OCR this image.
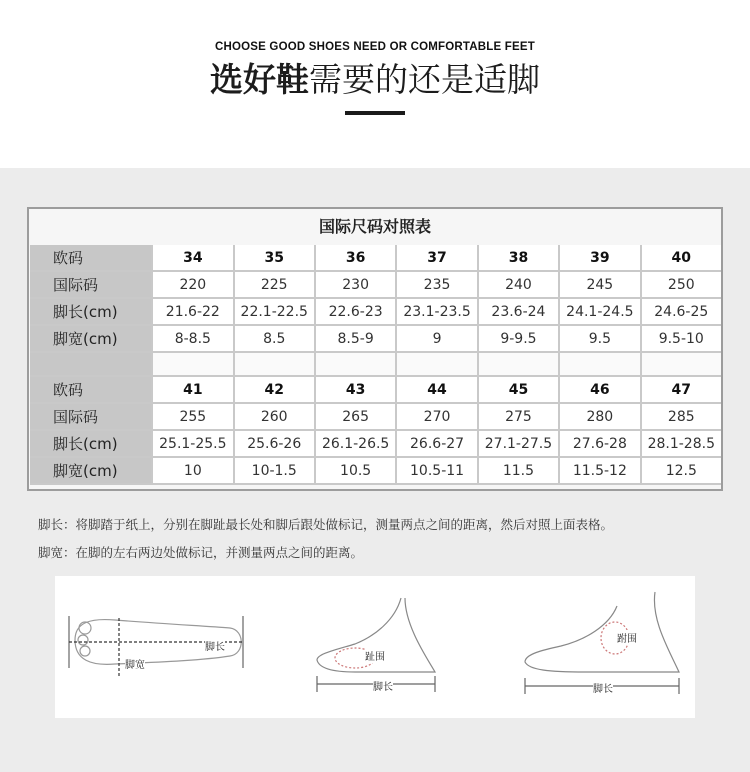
CHOOSE GOOD SHOES NEED OR COMFORTABLE FEET
选好鞋需要的还是适脚
国际尺码对照表
欧码	34	35	36	37	38	39	40
国际码	220	225	230	235	240	245	250
脚长(cm)	21.6-22	22.1-22.5	22.6-23	23.1-23.5	23.6-24	24.1-24.5	24.6-25
脚宽(cm)	8-8.5	8.5	8.5-9	9	9-9.5	9.5	9.5-10

欧码	41	42	43	44	45	46	47
国际码	255	260	265	270	275	280	285
脚长(cm)	25.1-25.5	25.6-26	26.1-26.5	26.6-27	27.1-27.5	27.6-28	28.1-28.5
脚宽(cm)	10	10-1.5	10.5	10.5-11	11.5	11.5-12	12.5
脚长：将脚踏于纸上，分别在脚趾最长处和脚后跟处做标记，测量两点之间的距离，然后对照上面表格。
脚宽：在脚的左右两边处做标记，并测量两点之间的距离。
脚长
脚宽
趾围
脚长
跗围
脚长
